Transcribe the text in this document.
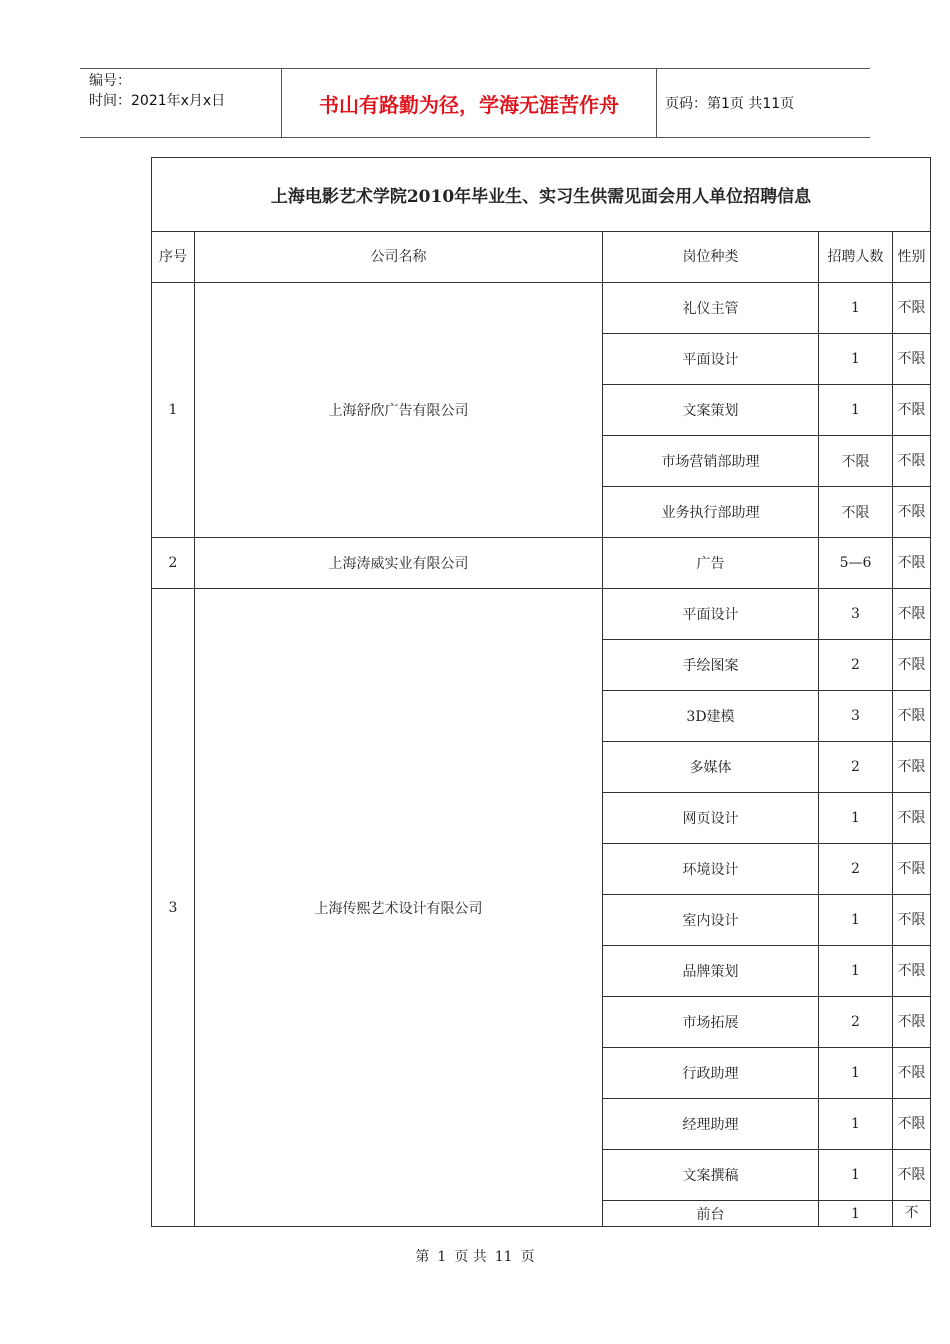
编号：
时间：2021年x月x日	书山有路勤为径，学海无涯苦作舟	页码：第1页 共11页
上海电影艺术学院2010年毕业生、实习生供需见面会用人单位招聘信息				
序号	公司名称	岗位种类	招聘人数	性别
1	上海舒欣广告有限公司	礼仪主管	1	不限
		平面设计	1	不限
		文案策划	1	不限
		市场营销部助理	不限	不限
		业务执行部助理	不限	不限
2	上海涛威实业有限公司	广告	5—6	不限
3	上海传熙艺术设计有限公司	平面设计	3	不限
		手绘图案	2	不限
		3D建模	3	不限
		多媒体	2	不限
		网页设计	1	不限
		环境设计	2	不限
		室内设计	1	不限
		品牌策划	1	不限
		市场拓展	2	不限
		行政助理	1	不限
		经理助理	1	不限
		文案撰稿	1	不限
		前台	1	不
第 1 页 共 11 页
